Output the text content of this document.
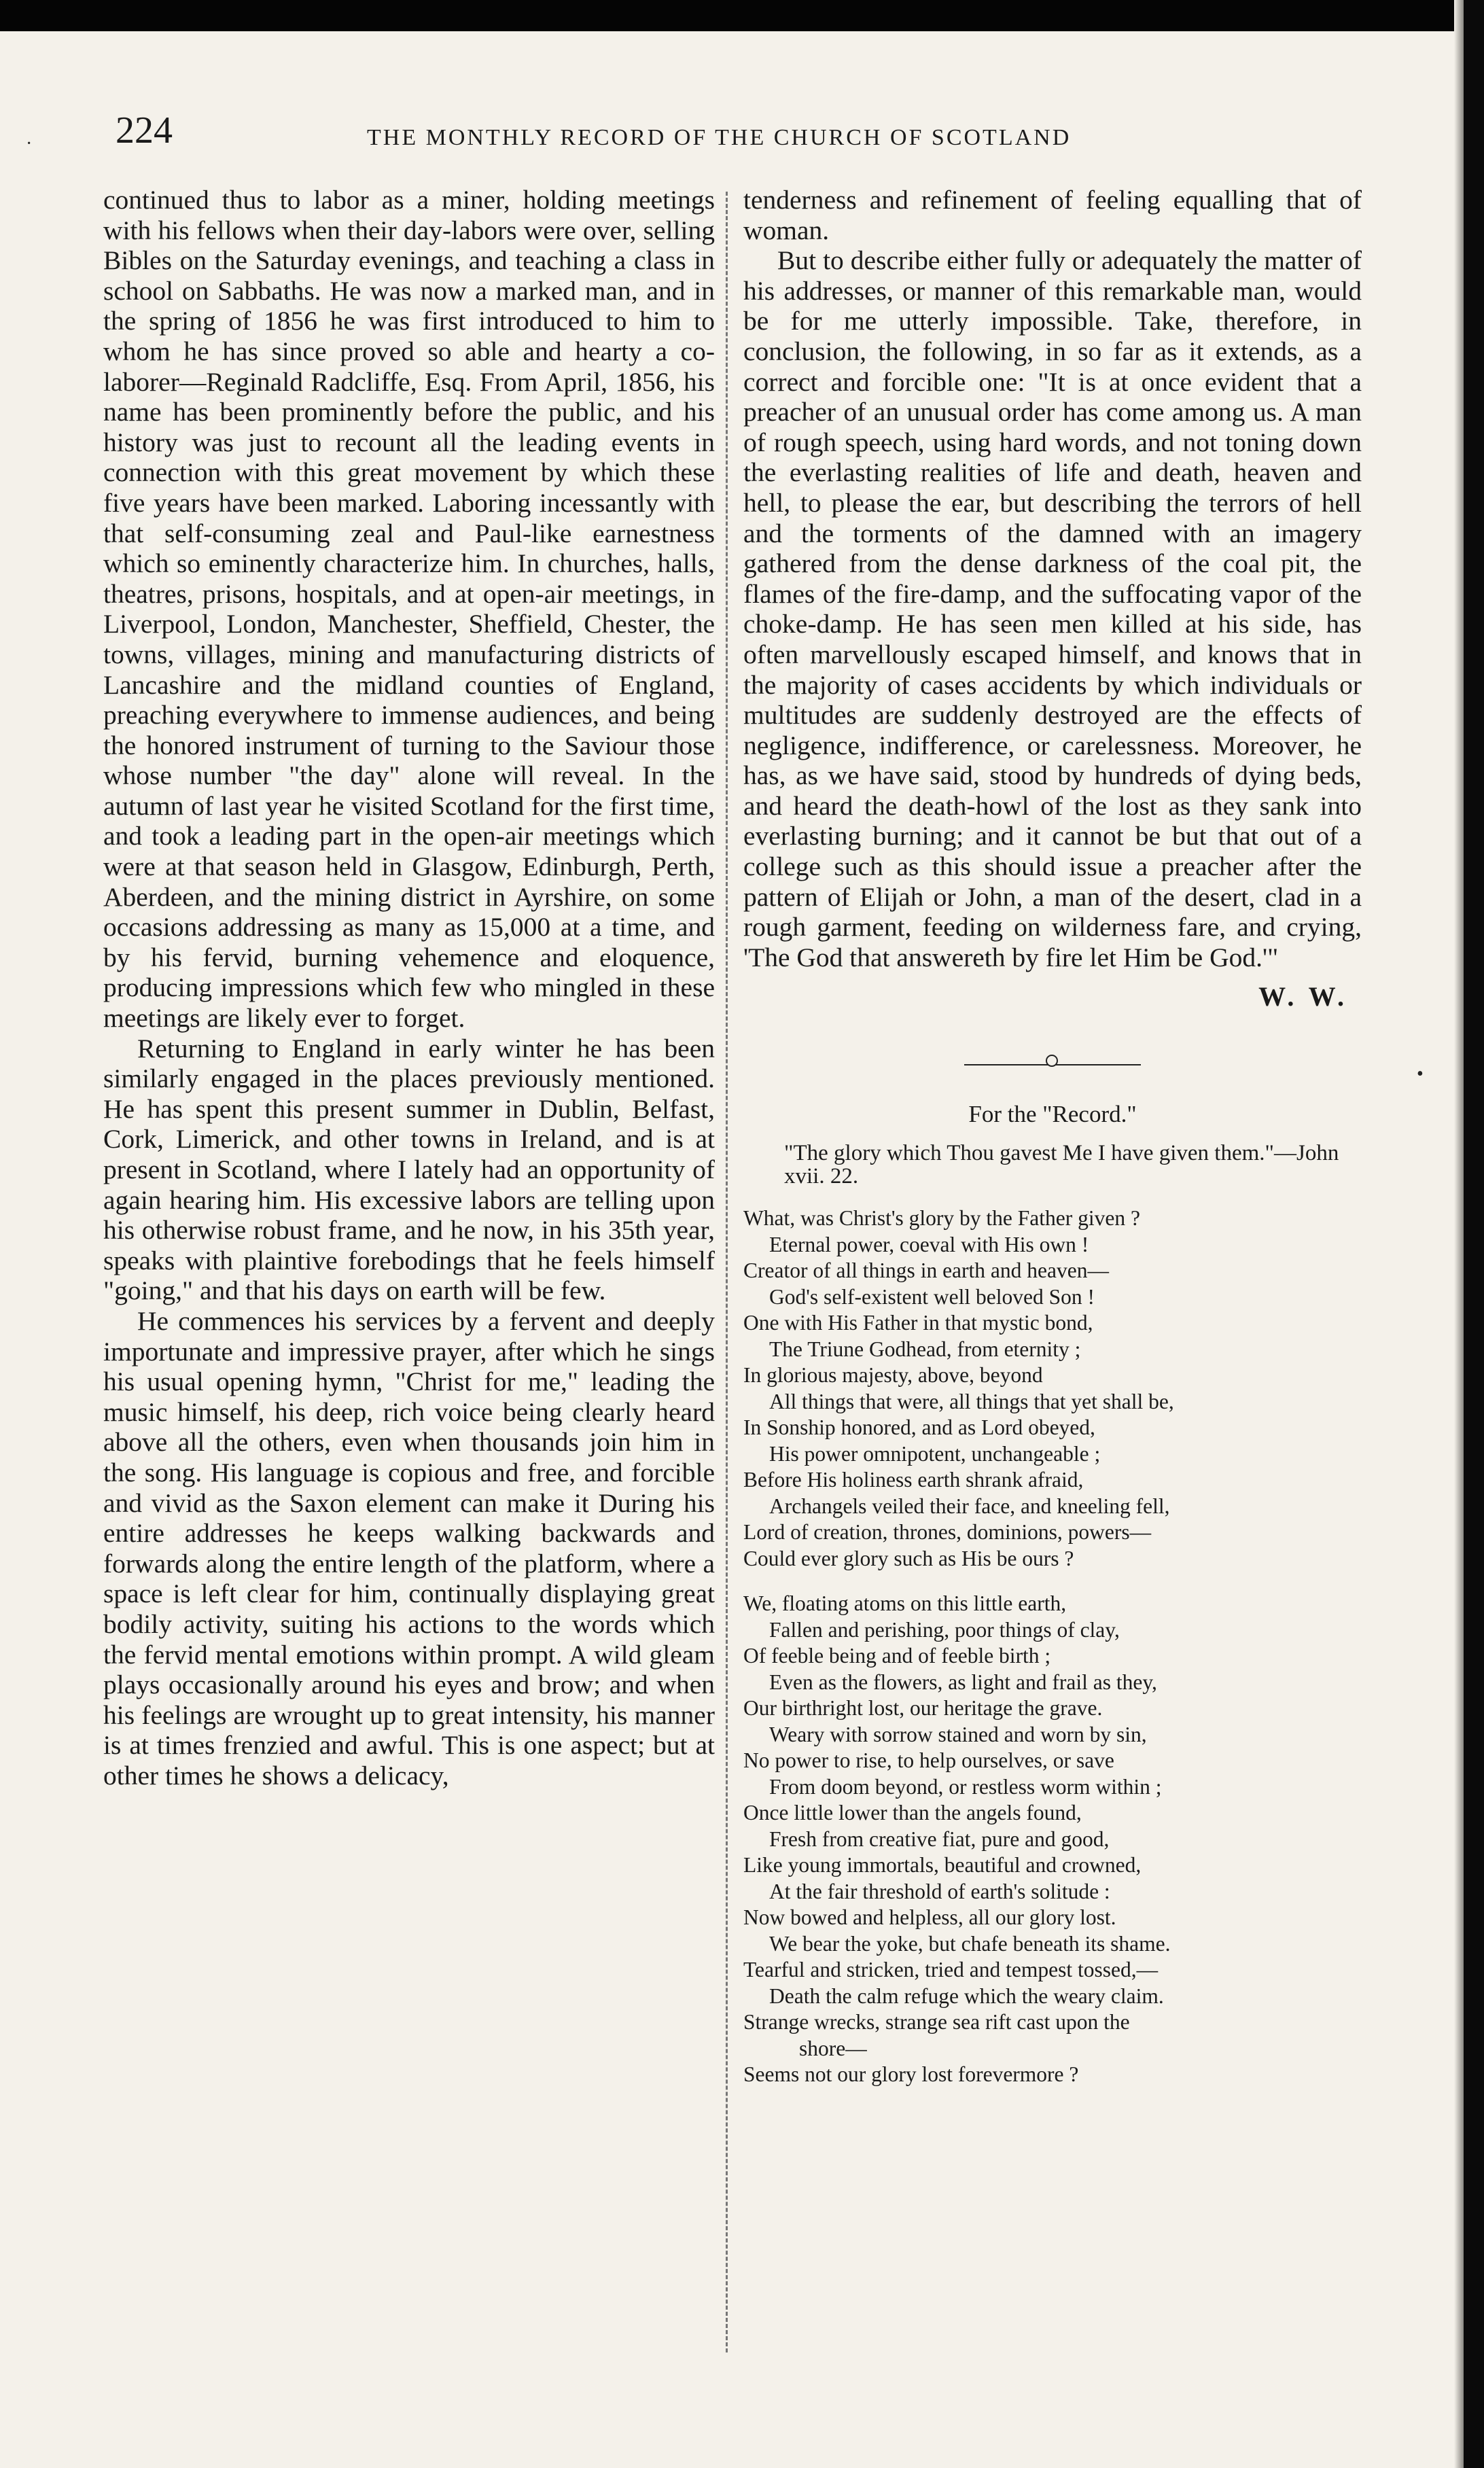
·
•
224	THE MONTHLY RECORD OF THE CHURCH OF SCOTLAND

continued thus to labor as a miner, holding meetings with his fellows when their day-labors were over, selling Bibles on the Saturday evenings, and teaching a class in school on Sabbaths. He was now a marked man, and in the spring of 1856 he was first introduced to him to whom he has since proved so able and hearty a co-laborer—Reginald Radcliffe, Esq. From April, 1856, his name has been prominently before the public, and his history was just to recount all the leading events in connection with this great movement by which these five years have been marked. Laboring incessantly with that self-consuming zeal and Paul-like earnestness which so eminently characterize him. In churches, halls, theatres, prisons, hospitals, and at open-air meetings, in Liverpool, London, Manchester, Sheffield, Chester, the towns, villages, mining and manufacturing districts of Lancashire and the midland counties of England, preaching everywhere to immense audiences, and being the honored instrument of turning to the Saviour those whose number "the day" alone will reveal. In the autumn of last year he visited Scotland for the first time, and took a leading part in the open-air meetings which were at that season held in Glasgow, Edinburgh, Perth, Aberdeen, and the mining district in Ayrshire, on some occasions addressing as many as 15,000 at a time, and by his fervid, burning vehemence and eloquence, producing impressions which few who mingled in these meetings are likely ever to forget.

Returning to England in early winter he has been similarly engaged in the places previously mentioned. He has spent this present summer in Dublin, Belfast, Cork, Limerick, and other towns in Ireland, and is at present in Scotland, where I lately had an opportunity of again hearing him. His excessive labors are telling upon his otherwise robust frame, and he now, in his 35th year, speaks with plaintive forebodings that he feels himself "going," and that his days on earth will be few.

He commences his services by a fervent and deeply importunate and impressive prayer, after which he sings his usual opening hymn, "Christ for me," leading the music himself, his deep, rich voice being clearly heard above all the others, even when thousands join him in the song. His language is copious and free, and forcible and vivid as the Saxon element can make it During his entire addresses he keeps walking backwards and forwards along the entire length of the platform, where a space is left clear for him, continually displaying great bodily activity, suiting his actions to the words which the fervid mental emotions within prompt. A wild gleam plays occasionally around his eyes and brow; and when his feelings are wrought up to great intensity, his manner is at times frenzied and awful. This is one aspect; but at other times he shows a delicacy,

tenderness and refinement of feeling equalling that of woman.

But to describe either fully or adequately the matter of his addresses, or manner of this remarkable man, would be for me utterly impossible. Take, therefore, in conclusion, the following, in so far as it extends, as a correct and forcible one: "It is at once evident that a preacher of an unusual order has come among us. A man of rough speech, using hard words, and not toning down the everlasting realities of life and death, heaven and hell, to please the ear, but describing the terrors of hell and the torments of the damned with an imagery gathered from the dense darkness of the coal pit, the flames of the fire-damp, and the suffocating vapor of the choke-damp. He has seen men killed at his side, has often marvellously escaped himself, and knows that in the majority of cases accidents by which individuals or multitudes are suddenly destroyed are the effects of negligence, indifference, or carelessness. Moreover, he has, as we have said, stood by hundreds of dying beds, and heard the death-howl of the lost as they sank into everlasting burning; and it cannot be but that out of a college such as this should issue a preacher after the pattern of Elijah or John, a man of the desert, clad in a rough garment, feeding on wilderness fare, and crying, 'The God that answereth by fire let Him be God.'"

W. W.
For the "Record."
"The glory which Thou gavest Me I have given them."—John xvii. 22.
What, was Christ's glory by the Father given ?
Eternal power, coeval with His own !
Creator of all things in earth and heaven—
God's self-existent well beloved Son !
One with His Father in that mystic bond,
The Triune Godhead, from eternity ;
In glorious majesty, above, beyond
All things that were, all things that yet shall be,
In Sonship honored, and as Lord obeyed,
His power omnipotent, unchangeable ;
Before His holiness earth shrank afraid,
Archangels veiled their face, and kneeling fell,
Lord of creation, thrones, dominions, powers—
Could ever glory such as His be ours ?
We, floating atoms on this little earth,
Fallen and perishing, poor things of clay,
Of feeble being and of feeble birth ;
Even as the flowers, as light and frail as they,
Our birthright lost, our heritage the grave.
Weary with sorrow stained and worn by sin,
No power to rise, to help ourselves, or save
From doom beyond, or restless worm within ;
Once little lower than the angels found,
Fresh from creative fiat, pure and good,
Like young immortals, beautiful and crowned,
At the fair threshold of earth's solitude :
Now bowed and helpless, all our glory lost.
We bear the yoke, but chafe beneath its shame.
Tearful and stricken, tried and tempest tossed,—
Death the calm refuge which the weary claim.
Strange wrecks, strange sea rift cast upon the
shore—
Seems not our glory lost forevermore ?
